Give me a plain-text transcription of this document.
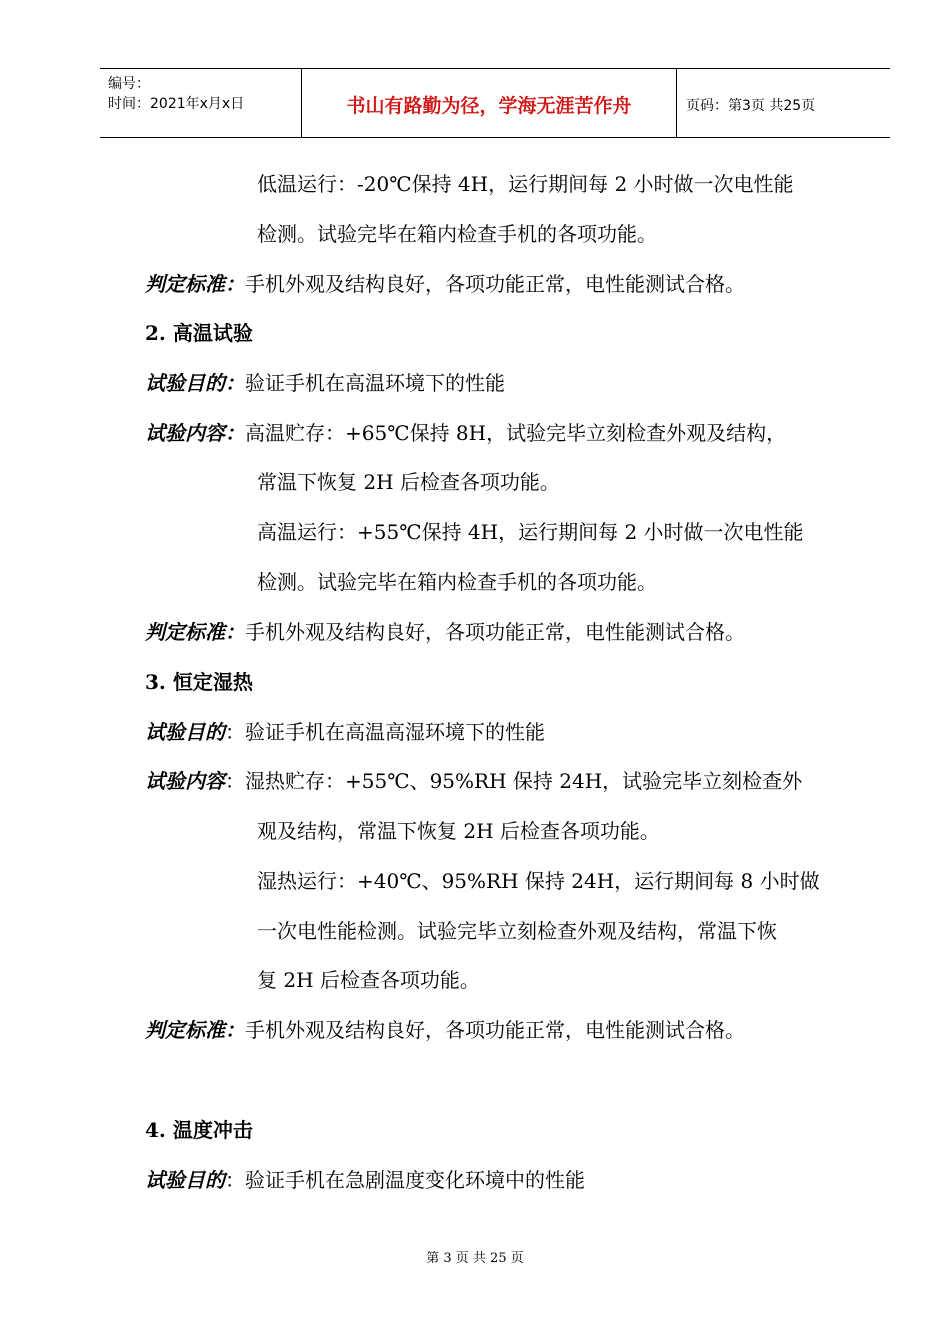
编号：
时间：2021年x月x日	书山有路勤为径，学海无涯苦作舟	页码：第3页 共25页
低温运行：-20℃保持 4H，运行期间每 2 小时做一次电性能
检测。试验完毕在箱内检查手机的各项功能。
判定标准：手机外观及结构良好，各项功能正常，电性能测试合格。
2. 高温试验
试验目的：验证手机在高温环境下的性能
试验内容：高温贮存：+65℃保持 8H，试验完毕立刻检查外观及结构，
常温下恢复 2H 后检查各项功能。
高温运行：+55℃保持 4H，运行期间每 2 小时做一次电性能
检测。试验完毕在箱内检查手机的各项功能。
判定标准：手机外观及结构良好，各项功能正常，电性能测试合格。
3. 恒定湿热
试验目的：验证手机在高温高湿环境下的性能
试验内容：湿热贮存：+55℃、95%RH 保持 24H，试验完毕立刻检查外
观及结构，常温下恢复 2H 后检查各项功能。
湿热运行：+40℃、95%RH 保持 24H，运行期间每 8 小时做
一次电性能检测。试验完毕立刻检查外观及结构，常温下恢
复 2H 后检查各项功能。
判定标准：手机外观及结构良好，各项功能正常，电性能测试合格。
4. 温度冲击
试验目的：验证手机在急剧温度变化环境中的性能
第 3 页 共 25 页
